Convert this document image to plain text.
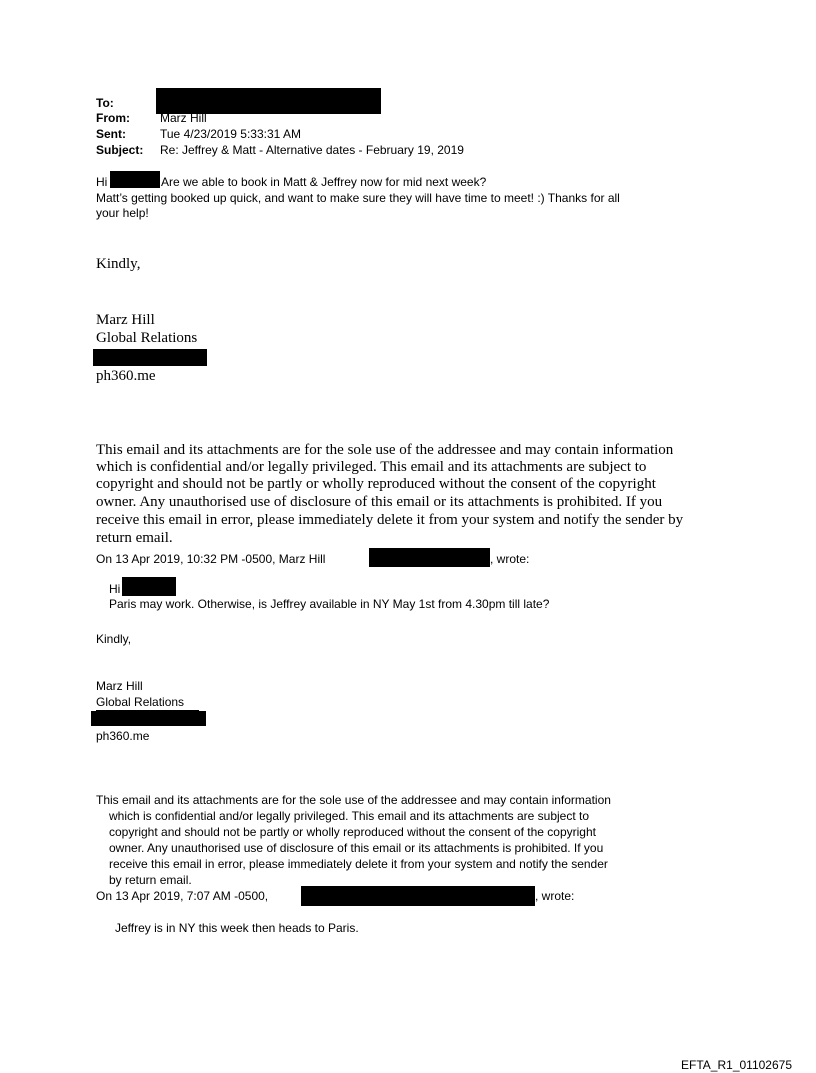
To:
From:	Marz Hill
Sent:	Tue 4/23/2019 5:33:31 AM
Subject: Re: Jeffrey & Matt - Alternative dates - February 19, 2019
Hi	Are we able to book in Matt & Jeffrey now for mid next week?
Matt’s getting booked up quick, and want to make sure they will have time to meet! :) Thanks for all
your help!
Kindly,
Marz Hill
Global Relations
ph360.me
This email and its attachments are for the sole use of the addressee and may contain information
which is confidential and/or legally privileged. This email and its attachments are subject to
copyright and should not be partly or wholly reproduced without the consent of the copyright
owner. Any unauthorised use of disclosure of this email or its attachments is prohibited. If you
receive this email in error, please immediately delete it from your system and notify the sender by
return email.
On 13 Apr 2019, 10:32 PM -0500, Marz Hill	, wrote:
Hi
Paris may work. Otherwise, is Jeffrey available in NY May 1st from 4.30pm till late?
Kindly,
Marz Hill
Global Relations
ph360.me
This email and its attachments are for the sole use of the addressee and may contain information
which is confidential and/or legally privileged. This email and its attachments are subject to
copyright and should not be partly or wholly reproduced without the consent of the copyright
owner. Any unauthorised use of disclosure of this email or its attachments is prohibited. If you
receive this email in error, please immediately delete it from your system and notify the sender
by return email.
On 13 Apr 2019, 7:07 AM -0500,	, wrote:
Jeffrey is in NY this week then heads to Paris.
EFTA_R1_01102675
